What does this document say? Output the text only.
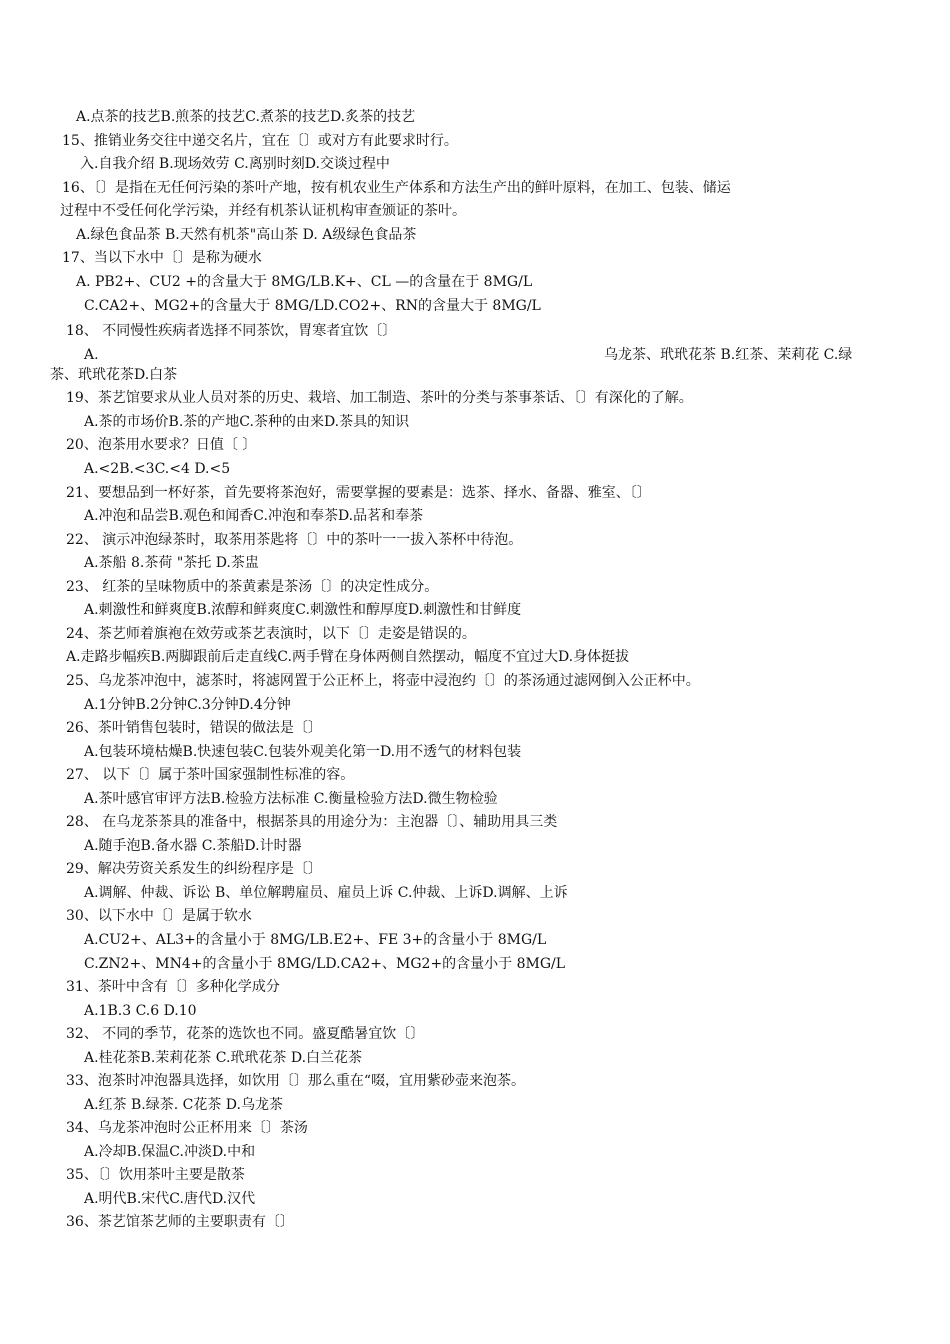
A.点茶的技艺B.煎茶的技艺C.煮茶的技艺D.炙茶的技艺
15、推销业务交往中递交名片，宜在〔〕或对方有此要求时行。
入.自我介绍 B.现场效劳 C.离别时刻D.交谈过程中
16、〔〕是指在无任何污染的茶叶产地，按有机农业生产体系和方法生产出的鲜叶原料，在加工、包装、储运
过程中不受任何化学污染，并经有机茶认证机构审查颁证的茶叶。
A.绿色食品茶 B.天然有机茶"高山茶 D. A级绿色食品茶
17、当以下水中〔〕是称为硬水
A. PB2+、CU2 +的含量大于 8MG/LB.K+、CL —的含量在于 8MG/L
C.CA2+、MG2+的含量大于 8MG/LD.CO2+、RN的含量大于 8MG/L
18、 不同慢性疾病者选择不同茶饮，胃寒者宜饮〔〕
A.	乌龙茶、玳玳花茶 B.红茶、茉莉花 C.绿
茶、玳玳花茶D.白茶
19、茶艺馆要求从业人员对茶的历史、栽培、加工制造、茶叶的分类与茶事茶话、〔〕有深化的了解。
A.茶的市场价B.茶的产地C.茶种的由来D.茶具的知识
20、泡茶用水要求？日值〔 〕
A.<2B.<3C.<4 D.<5
21、要想品到一杯好茶，首先要将茶泡好，需要掌握的要素是：选茶、择水、备器、雅室、〔〕
A.冲泡和品尝B.观色和闻香C.冲泡和奉茶D.品茗和奉茶
22、 演示冲泡绿茶时，取茶用茶匙将〔〕中的茶叶一一拔入茶杯中待泡。
A.茶船 8.茶荷 "茶托 D.茶盅
23、 红茶的呈味物质中的茶黄素是茶汤〔〕的决定性成分。
A.刺激性和鲜爽度B.浓醇和鲜爽度C.刺激性和醇厚度D.刺激性和甘鲜度
24、茶艺师着旗袍在效劳或茶艺表演时，以下〔〕走姿是错误的。
A.走路步幅疾B.两脚跟前后走直线C.两手臂在身体两侧自然摆动，幅度不宜过大D.身体挺拔
25、乌龙茶冲泡中，滤茶时，将滤网置于公正杯上，将壶中浸泡约〔〕的茶汤通过滤网倒入公正杯中。
A.1分钟B.2分钟C.3分钟D.4分钟
26、茶叶销售包装时，错误的做法是〔〕
A.包装环境枯燥B.快速包装C.包装外观美化第一D.用不透气的材料包装
27、 以下〔〕属于茶叶国家强制性标准的容。
A.茶叶感官审评方法B.检验方法标准 C.衡量检验方法D.微生物检验
28、 在乌龙茶茶具的准备中，根据茶具的用途分为：主泡器〔〕、辅助用具三类
A.随手泡B.备水器 C.茶船D.计时器
29、解决劳资关系发生的纠纷程序是〔〕
A.调解、仲裁、诉讼 B、单位解聘雇员、雇员上诉 C.仲裁、上诉D.调解、上诉
30、以下水中〔〕是属于软水
A.CU2+、AL3+的含量小于 8MG/LB.E2+、FE 3+的含量小于 8MG/L
C.ZN2+、MN4+的含量小于 8MG/LD.CA2+、MG2+的含量小于 8MG/L
31、茶叶中含有〔〕多种化学成分
A.1B.3 C.6 D.10
32、 不同的季节，花茶的选饮也不同。盛夏酷暑宜饮〔〕
A.桂花茶B.茉莉花茶 C.玳玳花茶 D.白兰花茶
33、泡茶时冲泡器具选择，如饮用〔〕那么重在“啜，宜用紫砂壶来泡茶。
A.红茶 B.绿茶. C花茶 D.乌龙茶
34、乌龙茶冲泡时公正杯用来〔〕茶汤
A.冷却B.保温C.冲淡D.中和
35、〔〕饮用茶叶主要是散茶
A.明代B.宋代C.唐代D.汉代
36、茶艺馆茶艺师的主要职责有〔〕
